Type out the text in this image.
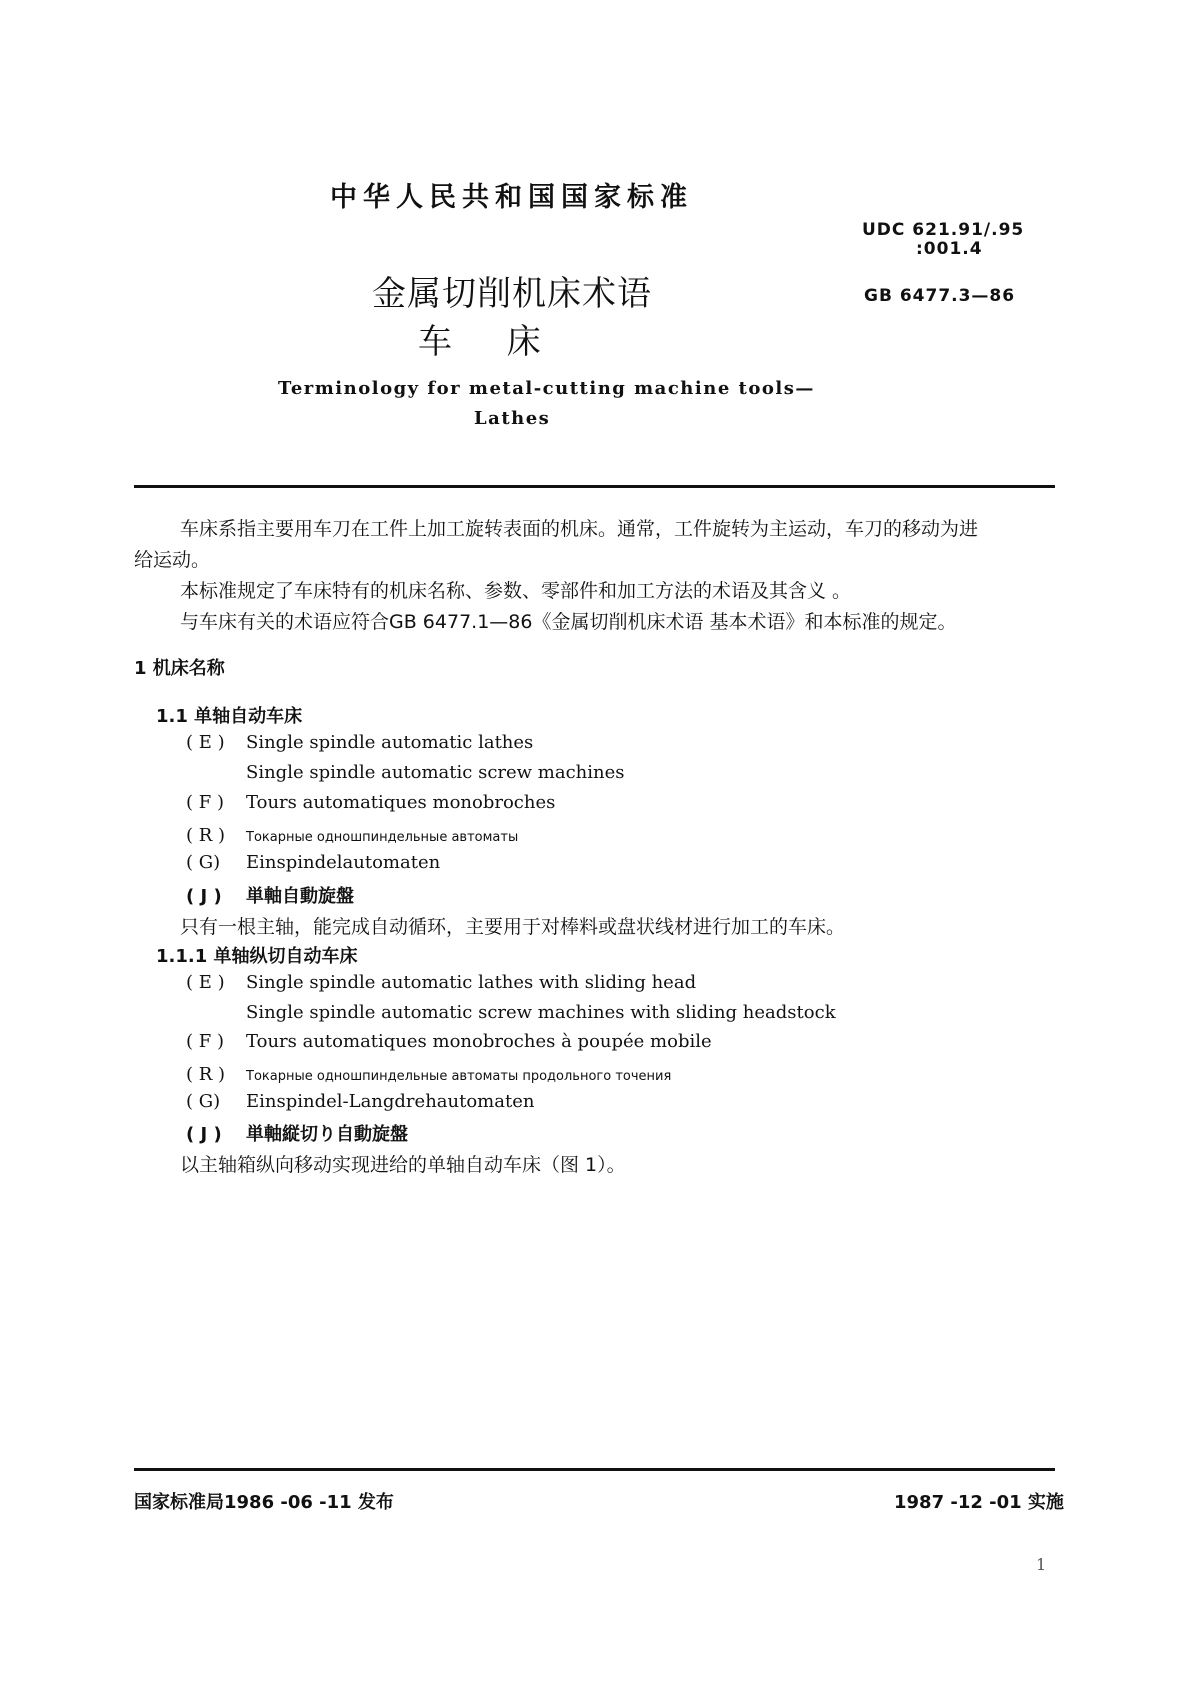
中华人民共和国国家标准
UDC 621.91/.95
:001.4
GB 6477.3—86
金属切削机床术语
车 床
Terminology for metal-cutting machine tools—
Lathes
车床系指主要用车刀在工件上加工旋转表面的机床。通常，工件旋转为主运动，车刀的移动为进
给运动。
本标准规定了车床特有的机床名称、参数、零部件和加工方法的术语及其含义 。
与车床有关的术语应符合GB 6477.1—86《金属切削机床术语 基本术语》和本标准的规定。
1 机床名称
1.1 单轴自动车床
( E ) Single spindle automatic lathes
Single spindle automatic screw machines
( F ) Tours automatiques monobroches
( R ) Токарные одношпиндельные автоматы
( G) Einspindelautomaten
( J ) 単軸自動旋盤
只有一根主轴，能完成自动循环，主要用于对棒料或盘状线材进行加工的车床。
1.1.1 单轴纵切自动车床
( E ) Single spindle automatic lathes with sliding head
Single spindle automatic screw machines with sliding headstock
( F ) Tours automatiques monobroches à poupée mobile
( R ) Токарные одношпиндельные автоматы продольного точения
( G) Einspindel-Langdrehautomaten
( J ) 単軸縦切り自動旋盤
以主轴箱纵向移动实现进给的单轴自动车床（图 1）。
国家标准局1986 -06 -11 发布	1987 -12 -01 实施
1
